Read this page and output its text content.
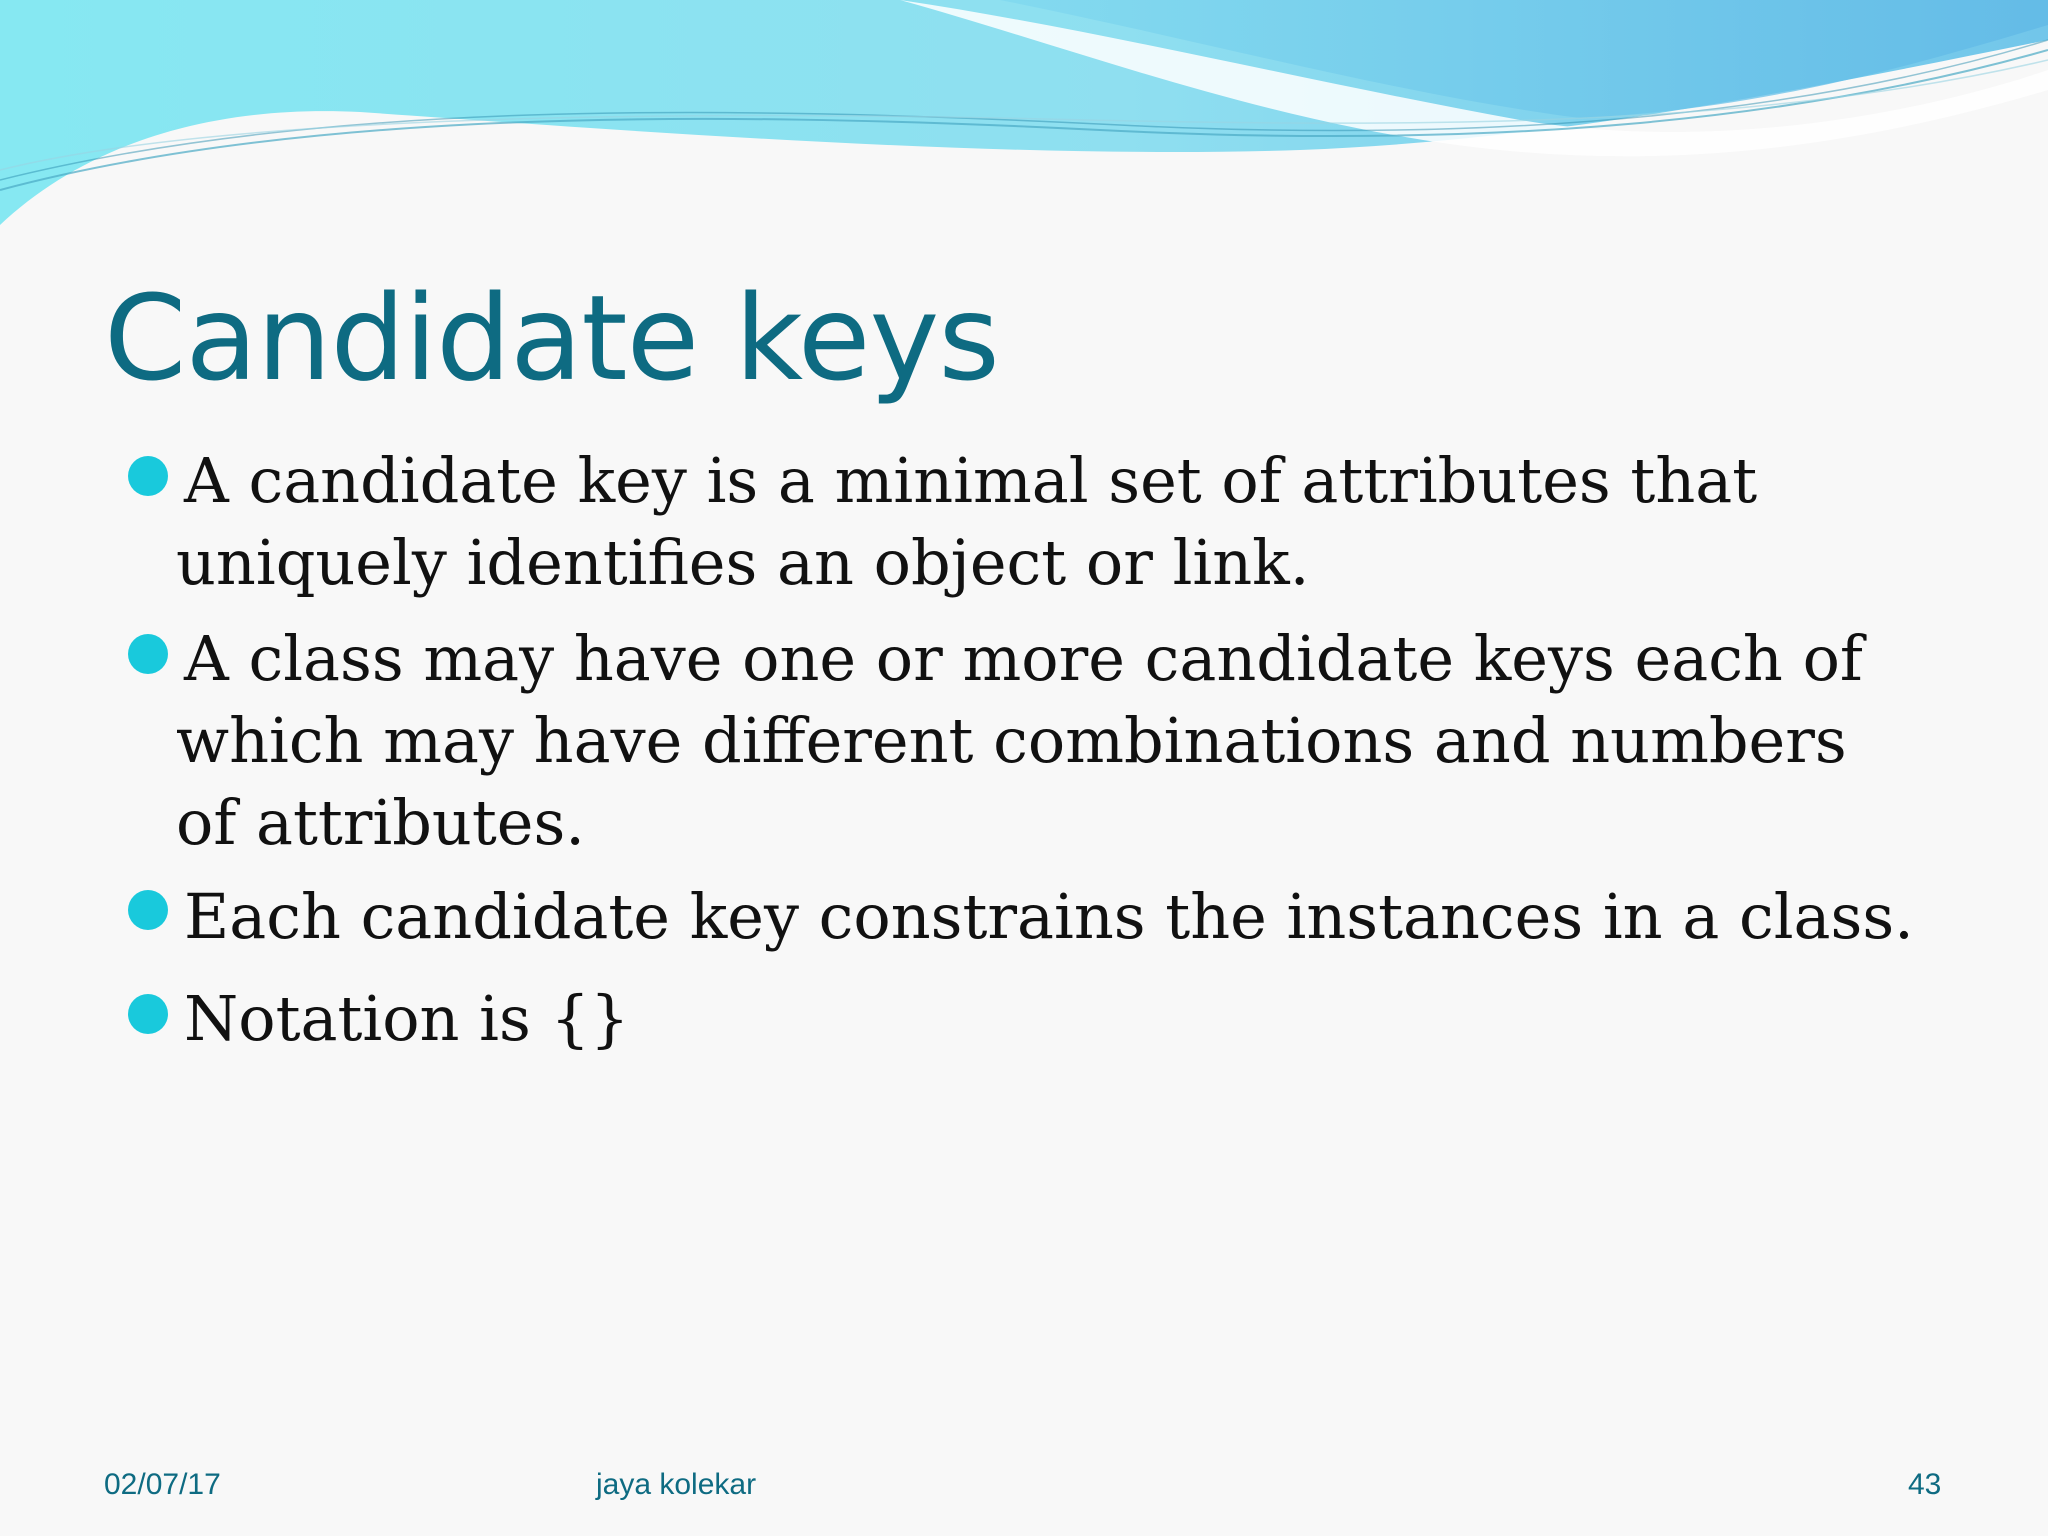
Candidate keys

A candidate key is a minimal set of attributes that
uniquely identifies an object or link.

A class may have one or more candidate keys each of
which may have different combinations and numbers
of attributes.

Each candidate key constrains the instances in a class.

Notation is {}

02/07/17	jaya kolekar	43
